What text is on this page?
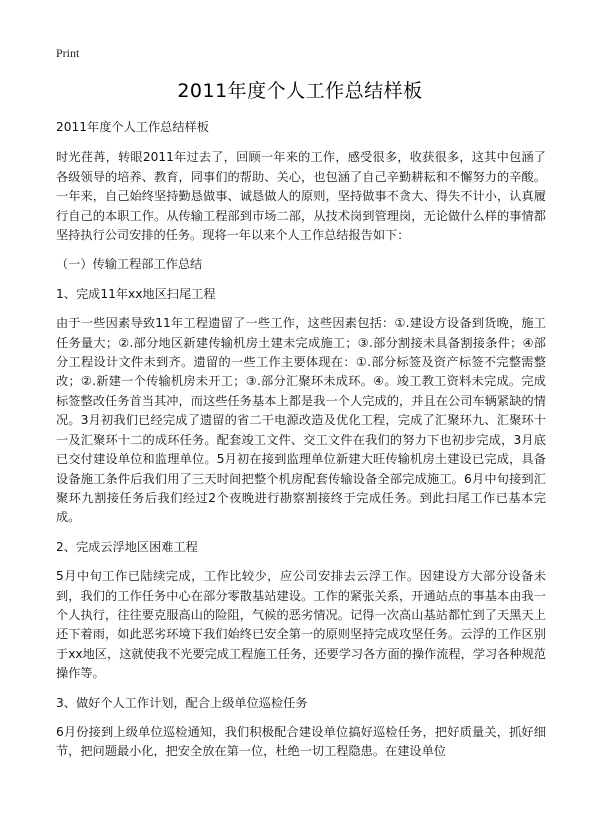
Print
2011年度个人工作总结样板

2011年度个人工作总结样板

时光荏苒，转眼2011年过去了，回顾一年来的工作，感受很多，收获很多，这其中包涵了各级领导的培养、教育，同事们的帮助、关心，也包涵了自己辛勤耕耘和不懈努力的辛酸。一年来，自己始终坚持勤恳做事、诚恳做人的原则，坚持做事不贪大、得失不计小，认真履行自己的本职工作。从传输工程部到市场二部，从技术岗到管理岗，无论做什么样的事情都坚持执行公司安排的任务。现将一年以来个人工作总结报告如下：

（一）传输工程部工作总结

1、完成11年xx地区扫尾工程

由于一些因素导致11年工程遗留了一些工作，这些因素包括：①.建设方设备到货晚，施工任务量大；②.部分地区新建传输机房土建未完成施工；③.部分割接未具备割接条件；④部分工程设计文件未到齐。遗留的一些工作主要体现在：①.部分标签及资产标签不完整需整改；②.新建一个传输机房未开工；③.部分汇聚环未成环。④。竣工教工资料未完成。完成标签整改任务首当其冲，而这些任务基本上都是我一个人完成的，并且在公司车辆紧缺的情况。3月初我们已经完成了遗留的省二干电源改造及优化工程，完成了汇聚环九、汇聚环十一及汇聚环十二的成环任务。配套竣工文件、交工文件在我们的努力下也初步完成，3月底已交付建设单位和监理单位。5月初在接到监理单位新建大旺传输机房土建设已完成，具备设备施工条件后我们用了三天时间把整个机房配套传输设备全部完成施工。6月中旬接到汇聚环九割接任务后我们经过2个夜晚进行勘察割接终于完成任务。到此扫尾工作已基本完成。

2、完成云浮地区困难工程

5月中旬工作已陆续完成，工作比较少，应公司安排去云浮工作。因建设方大部分设备未到，我们的工作任务中心在部分零散基站建设。工作的紧张关系，开通站点的事基本由我一个人执行，往往要克服高山的险阻，气候的恶劣情况。记得一次高山基站都忙到了天黑天上还下着雨，如此恶劣环境下我们始终已安全第一的原则坚持完成攻坚任务。云浮的工作区别于xx地区，这就使我不光要完成工程施工任务，还要学习各方面的操作流程，学习各种规范操作等。

3、做好个人工作计划，配合上级单位巡检任务

6月份接到上级单位巡检通知，我们积极配合建设单位搞好巡检任务，把好质量关，抓好细节，把问题最小化，把安全放在第一位，杜绝一切工程隐患。在建设单位
